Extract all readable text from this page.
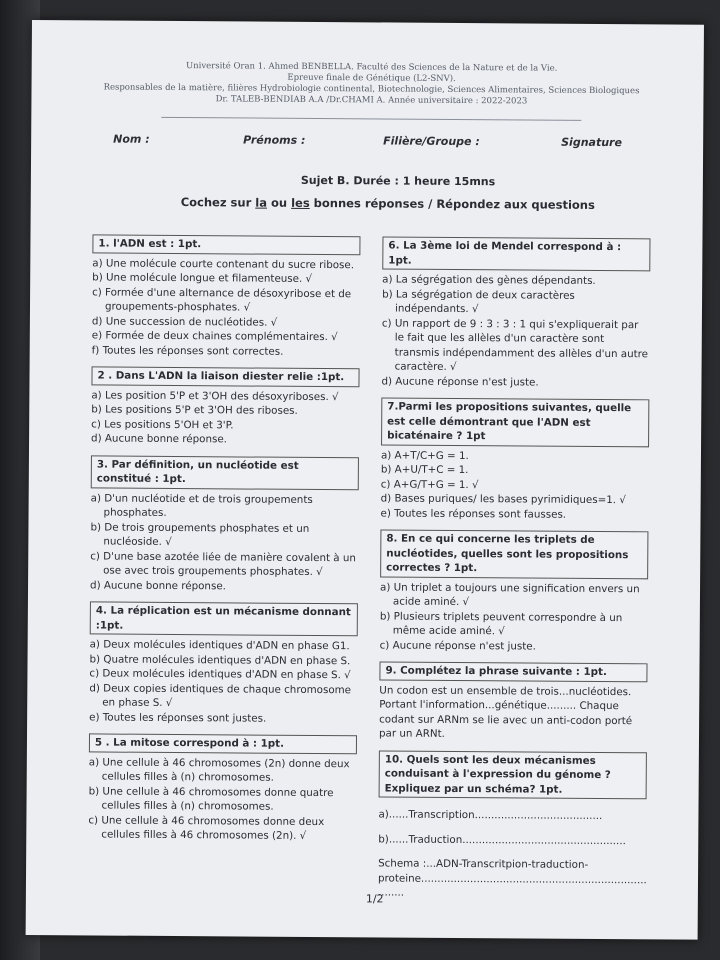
Université Oran 1. Ahmed BENBELLA. Faculté des Sciences de la Nature et de la Vie.
Epreuve finale de Génétique (L2-SNV).
Responsables de la matière, filières Hydrobiologie continental, Biotechnologie, Sciences Alimentaires, Sciences Biologiques
Dr. TALEB-BENDIAB A.A /Dr.CHAMI A. Année universitaire : 2022-2023
Nom :	Prénoms :	Filière/Groupe :	Signature
Sujet B. Durée : 1 heure 15mns
Cochez sur la ou les bonnes réponses / Répondez aux questions
1. l'ADN est : 1pt.
a) Une molécule courte contenant du sucre ribose.
b) Une molécule longue et filamenteuse. √
c) Formée d'une alternance de désoxyribose et de groupements-phosphates. √
d) Une succession de nucléotides. √
e) Formée de deux chaines complémentaires. √
f) Toutes les réponses sont correctes.
2 . Dans L'ADN la liaison diester relie :1pt.
a) Les position 5'P et 3'OH des désoxyriboses. √
b) Les positions 5'P et 3'OH des riboses.
c) Les positions 5'OH et 3'P.
d) Aucune bonne réponse.
3. Par définition, un nucléotide est constitué : 1pt.
a) D'un nucléotide et de trois groupements phosphates.
b) De trois groupements phosphates et un nucléoside. √
c) D'une base azotée liée de manière covalent à un ose avec trois groupements phosphates. √
d) Aucune bonne réponse.
4. La réplication est un mécanisme donnant :1pt.
a) Deux molécules identiques d'ADN en phase G1.
b) Quatre molécules identiques d'ADN en phase S.
c) Deux molécules identiques d'ADN en phase S. √
d) Deux copies identiques de chaque chromosome en phase S. √
e) Toutes les réponses sont justes.
5 . La mitose correspond à : 1pt.
a) Une cellule à 46 chromosomes (2n) donne deux cellules filles à (n) chromosomes.
b) Une cellule à 46 chromosomes donne quatre cellules filles à (n) chromosomes.
c) Une cellule à 46 chromosomes donne deux cellules filles à 46 chromosomes (2n). √
6. La 3ème loi de Mendel correspond à : 1pt.
a) La ségrégation des gènes dépendants.
b) La ségrégation de deux caractères indépendants. √
c) Un rapport de 9 : 3 : 3 : 1 qui s'expliquerait par le fait que les allèles d'un caractère sont transmis indépendamment des allèles d'un autre caractère. √
d) Aucune réponse n'est juste.
7.Parmi les propositions suivantes, quelle est celle démontrant que l'ADN est bicaténaire ? 1pt
a) A+T/C+G = 1.
b) A+U/T+C = 1.
c) A+G/T+G = 1. √
d) Bases puriques/ les bases pyrimidiques=1. √
e) Toutes les réponses sont fausses.
8. En ce qui concerne les triplets de nucléotides, quelles sont les propositions correctes ? 1pt.
a) Un triplet a toujours une signification envers un acide aminé. √
b) Plusieurs triplets peuvent correspondre à un même acide aminé. √
c) Aucune réponse n'est juste.
9. Complétez la phrase suivante : 1pt.
Un codon est un ensemble de trois...nucléotides. Portant l'information...génétique......... Chaque codant sur ARNm se lie avec un anti-codon porté par un ARNt.
10. Quels sont les deux mécanismes conduisant à l'expression du génome ? Expliquez par un schéma? 1pt.
a)......Transcription.......................................
b)......Traduction..................................................
Schema :...ADN-Transcritpion-traduction-proteine.....................................................................
........
1/2
